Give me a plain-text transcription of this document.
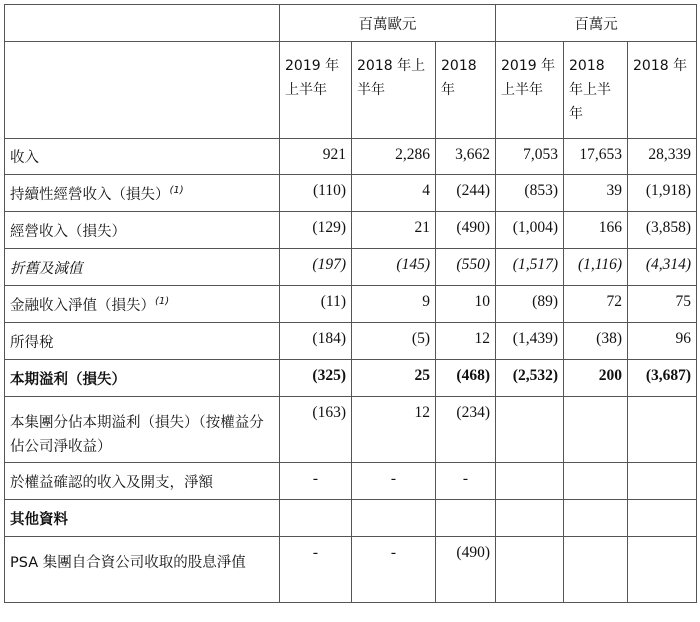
	百萬歐元			百萬元		
	2019 年上半年	2018 年上半年	2018年	2019 年 上半年	2018 年上半年	2018 年
收入	921	2,286	3,662	7,053	17,653	28,339
持續性經營收入（損失）$^{(1)}$	(110)	4	(244)	(853)	39	(1,918)
經營收入（損失）	(129)	21	(490)	(1,004)	166	(3,858)
折舊及減值	(197)	(145)	(550)	(1,517)	(1,116)	(4,314)
金融收入淨值（損失）$^{(1)}$	(11)	9	10	(89)	72	75
所得稅	(184)	(5)	12	(1,439)	(38)	96
本期溢利（損失）	(325)	25	(468)	(2,532)	200	(3,687)
本集團分佔本期溢利（損失）（按權益分佔公司淨收益）	(163)	12	(234)			
於權益確認的收入及開支，淨額	-	-	-			
其他資料						
PSA 集團自合資公司收取的股息淨值	-	-	(490)			
